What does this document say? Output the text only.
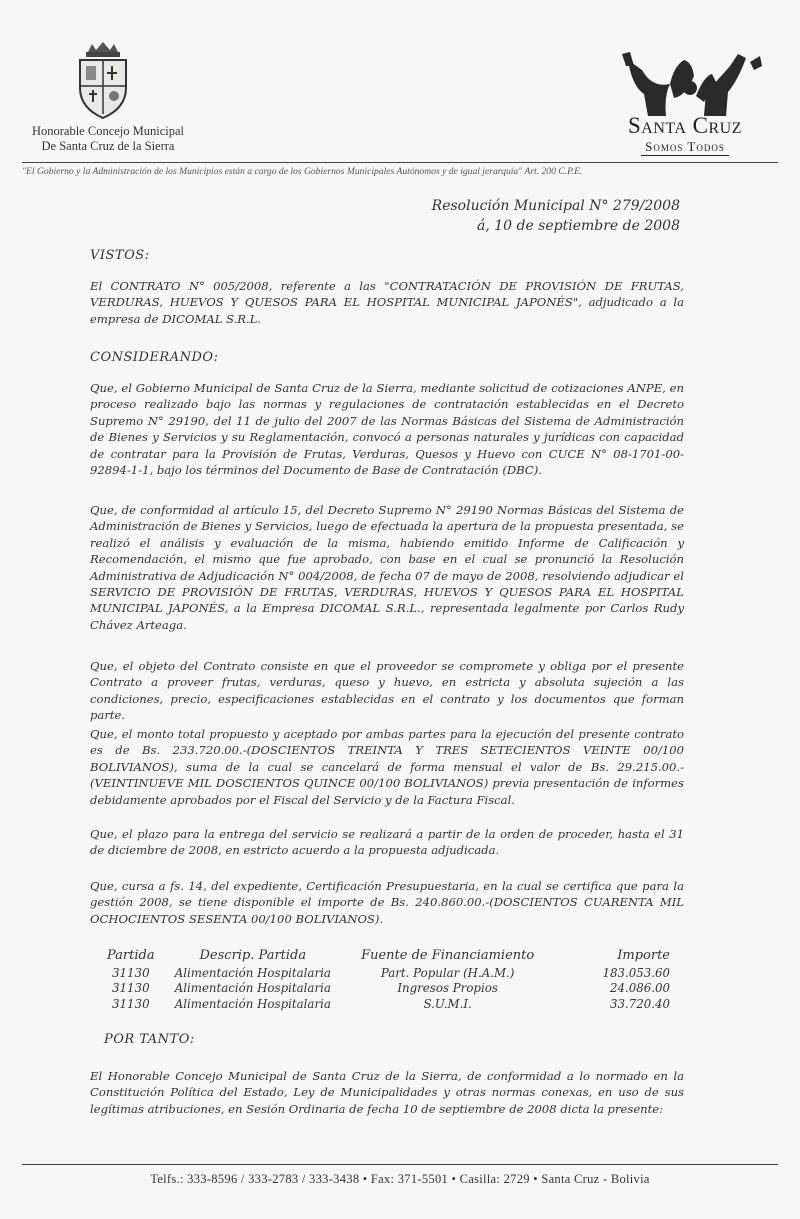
Honorable Concejo Municipal
De Santa Cruz de la Sierra
Santa Cruz
Somos Todos
"El Gobierno y la Administración de los Municipios están a cargo de los Gobiernos Municipales Autónomos y de igual jerarquía" Art. 200 C.P.E.
Resolución Municipal N° 279/2008
á, 10 de septiembre de 2008
VISTOS:

El CONTRATO N° 005/2008, referente a las "CONTRATACIÓN DE PROVISIÓN DE FRUTAS, VERDURAS, HUEVOS Y QUESOS PARA EL HOSPITAL MUNICIPAL JAPONÉS", adjudicado a la empresa de DICOMAL S.R.L.

CONSIDERANDO:

Que, el Gobierno Municipal de Santa Cruz de la Sierra, mediante solicitud de cotizaciones ANPE, en proceso realizado bajo las normas y regulaciones de contratación establecidas en el Decreto Supremo N° 29190, del 11 de julio del 2007 de las Normas Básicas del Sistema de Administración de Bienes y Servicios y su Reglamentación, convocó a personas naturales y jurídicas con capacidad de contratar para la Provisión de Frutas, Verduras, Quesos y Huevo con CUCE N° 08-1701-00-92894-1-1, bajo los términos del Documento de Base de Contratación (DBC).

Que, de conformidad al artículo 15, del Decreto Supremo N° 29190 Normas Básicas del Sistema de Administración de Bienes y Servicios, luego de efectuada la apertura de la propuesta presentada, se realizó el análisis y evaluación de la misma, habiendo emitido Informe de Calificación y Recomendación, el mismo que fue aprobado, con base en el cual se pronunció la Resolución Administrativa de Adjudicación N° 004/2008, de fecha 07 de mayo de 2008, resolviendo adjudicar el SERVICIO DE PROVISIÓN DE FRUTAS, VERDURAS, HUEVOS Y QUESOS PARA EL HOSPITAL MUNICIPAL JAPONÉS, a la Empresa DICOMAL S.R.L., representada legalmente por Carlos Rudy Chávez Arteaga.

Que, el objeto del Contrato consiste en que el proveedor se compromete y obliga por el presente Contrato a proveer frutas, verduras, queso y huevo, en estricta y absoluta sujeción a las condiciones, precio, especificaciones establecidas en el contrato y los documentos que forman parte.

Que, el monto total propuesto y aceptado por ambas partes para la ejecución del presente contrato es de Bs. 233.720.00.-(DOSCIENTOS TREINTA Y TRES SETECIENTOS VEINTE 00/100 BOLIVIANOS), suma de la cual se cancelará de forma mensual el valor de Bs. 29.215.00.- (VEINTINUEVE MIL DOSCIENTOS QUINCE 00/100 BOLIVIANOS) previa presentación de informes debidamente aprobados por el Fiscal del Servicio y de la Factura Fiscal.

Que, el plazo para la entrega del servicio se realizará a partir de la orden de proceder, hasta el 31 de diciembre de 2008, en estricto acuerdo a la propuesta adjudicada.

Que, cursa a fs. 14, del expediente, Certificación Presupuestaria, en la cual se certifica que para la gestión 2008, se tiene disponible el importe de Bs. 240.860.00.-(DOSCIENTOS CUARENTA MIL OCHOCIENTOS SESENTA 00/100 BOLIVIANOS).

Partida	Descrip. Partida	Fuente de Financiamiento	Importe
31130	Alimentación Hospitalaria	Part. Popular (H.A.M.)	183.053.60
31130	Alimentación Hospitalaria	Ingresos Propios	24.086.00
31130	Alimentación Hospitalaria	S.U.M.I.	33.720.40
POR TANTO:

El Honorable Concejo Municipal de Santa Cruz de la Sierra, de conformidad a lo normado en la Constitución Política del Estado, Ley de Municipalidades y otras normas conexas, en uso de sus legítimas atribuciones, en Sesión Ordinaria de fecha 10 de septiembre de 2008 dicta la presente:

Telfs.: 333-8596 / 333-2783 / 333-3438 • Fax: 371-5501 • Casilla: 2729 • Santa Cruz - Bolivia
